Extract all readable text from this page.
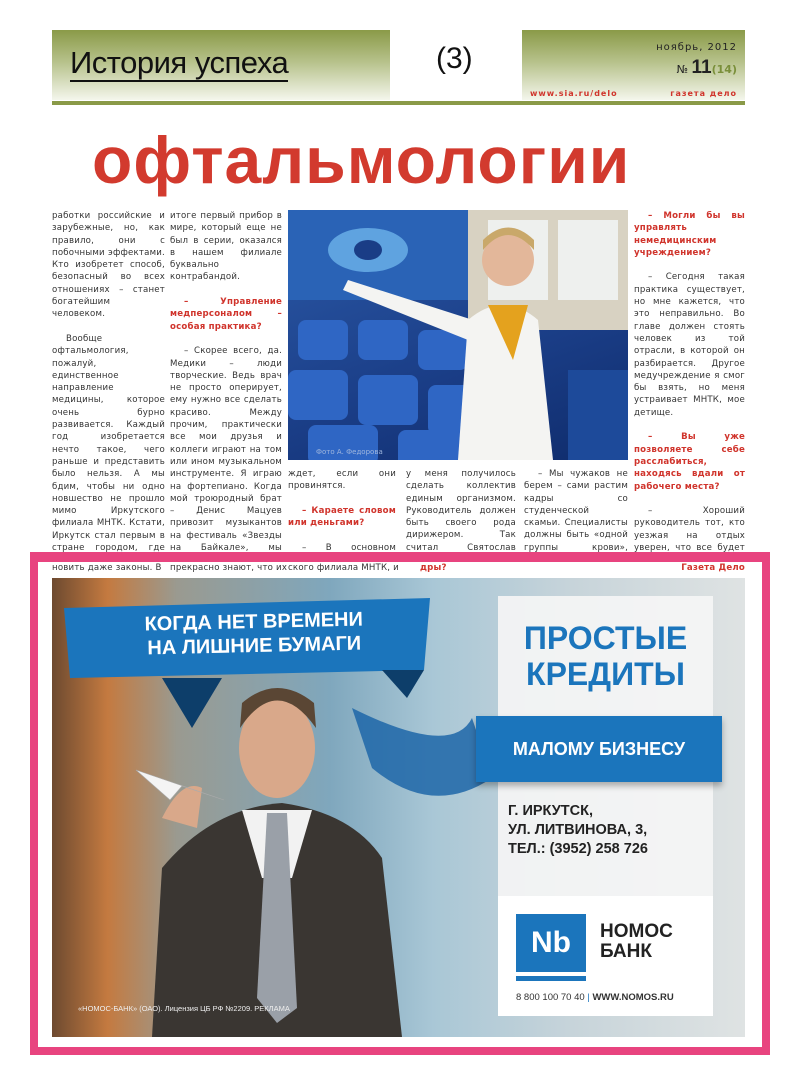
История успеха	(3)	ноябрь, 2012
№ 11(14)
www.sia.ru/delo	газета дело
офтальмологии

работки российские и зарубежные, но, как правило, они с побочными эффектами. Кто изобретет способ, безопасный во всех отношениях – станет богатейшим человеком.

Вообще офтальмология, пожалуй, единственное направление медицины, которое очень бурно развивается. Каждый год изобретается нечто такое, чего раньше и представить было нельзя. А мы бдим, чтобы ни одно новшество не прошло мимо Иркутского филиала МНТК. Кстати, Иркутск стал первым в стране городом, где

итоге первый прибор в мире, который еще не был в серии, оказался в нашем филиале буквально контрабандой.

– Управление медперсоналом – особая практика?

– Скорее всего, да. Медики – люди творческие. Ведь врач не просто оперирует, ему нужно все сделать красиво. Между прочим, практически все мои друзья и коллеги играют на том или ином музыкальном инструменте. Я играю на фортепиано. Когда мой троюродный брат – Денис Мацуев привозит музыкантов на фестиваль «Звезды на Байкале», мы

ждет, если они провинятся.

– Караете словом или деньгами?

– В основном

у меня получилось сделать коллектив единым организмом. Руководитель должен быть своего рода дирижером. Так считал Святослав

– Мы чужаков не берем – сами растим кадры со студенческой скамьи. Специалисты должны быть «одной группы крови»,

– Могли бы вы управлять немедицинским учреждением?

– Сегодня такая практика существует, но мне кажется, что это неправильно. Во главе должен стоять человек из той отрасли, в которой он разбирается. Другое медучреждение я смог бы взять, но меня устраивает МНТК, мое детище.

– Вы уже позволяете себе расслабиться, находясь вдали от рабочего места?

– Хороший руководитель тот, кто уезжая на отдых уверен, что все будет

Фото А. Федорова
новить даже законы. В прекрасно знают, что их ского филиала МНТК, и дры?	Газета Дело
КОГДА НЕТ ВРЕМЕНИ
НА ЛИШНИЕ БУМАГИ	ПРОСТЫЕ
КРЕДИТЫ
Г. ИРКУТСК,
УЛ. ЛИТВИНОВА, 3,
ТЕЛ.: (3952) 258 726
Nb	НОМОС
БАНК
8 800 100 70 40 | WWW.NOMOS.RU
МАЛОМУ БИЗНЕСУ
«НОМОС-БАНК» (ОАО). Лицензия ЦБ РФ №2209. РЕКЛАМА
